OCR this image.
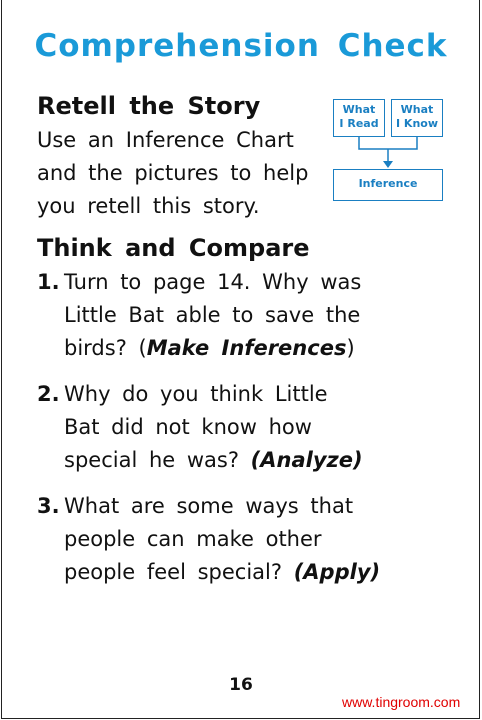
Comprehension Check
Retell the Story
Use an Inference Chart
and the pictures to help
you retell this story.
What
I Read
What
I Know
Inference
Think and Compare
1. Turn to page 14. Why was
Little Bat able to save the
birds? (Make Inferences)
2. Why do you think Little
Bat did not know how
special he was? (Analyze)
3. What are some ways that
people can make other
people feel special? (Apply)
16
www.tingroom.com
